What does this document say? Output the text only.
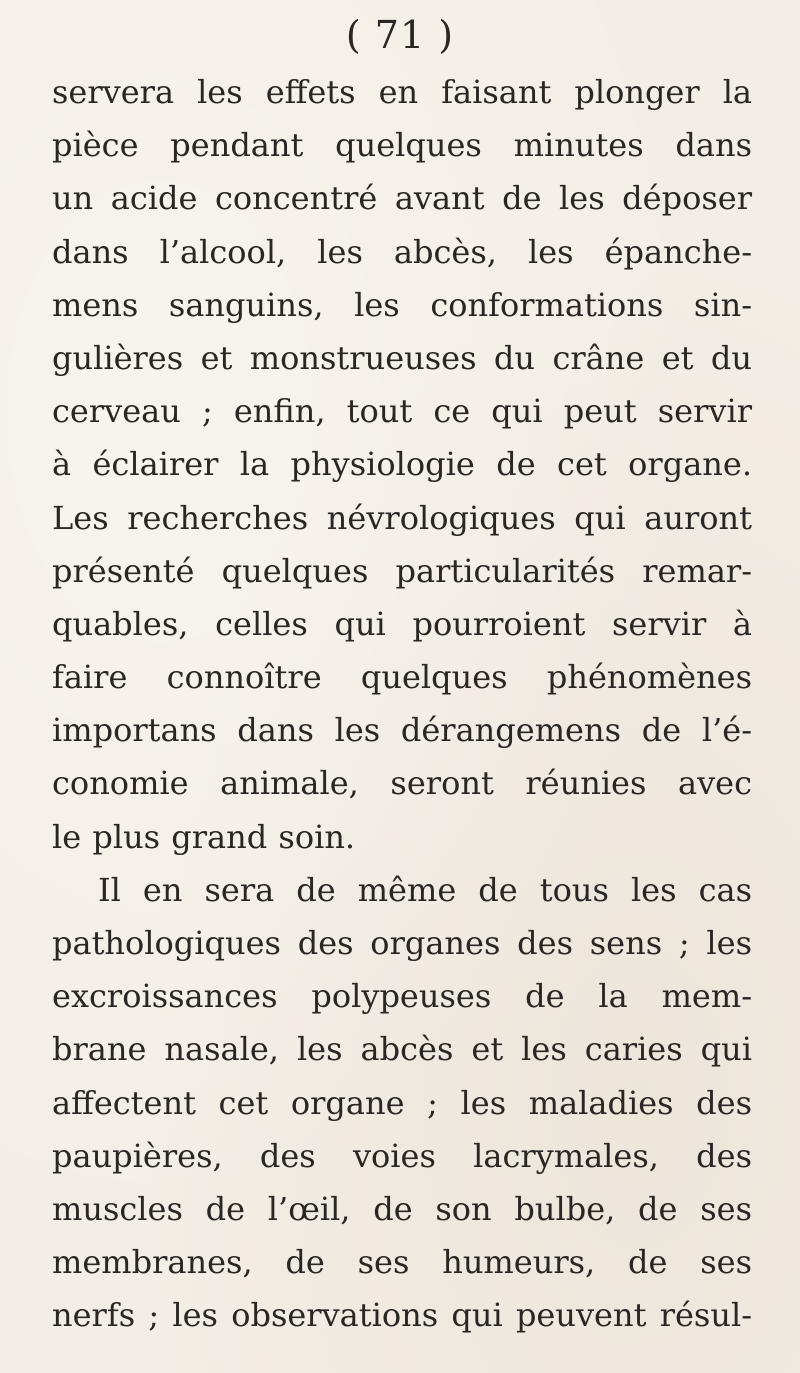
( 71 )
servera les effets en faisant plonger la
pièce pendant quelques minutes dans
un acide concentré avant de les déposer
dans l’alcool, les abcès, les épanche-
mens sanguins, les conformations sin-
gulières et monstrueuses du crâne et du
cerveau ; enfin, tout ce qui peut servir
à éclairer la physiologie de cet organe.
Les recherches névrologiques qui auront
présenté quelques particularités remar-
quables, celles qui pourroient servir à
faire connoître quelques phénomènes
importans dans les dérangemens de l’é-
conomie animale, seront réunies avec
le plus grand soin.
Il en sera de même de tous les cas
pathologiques des organes des sens ; les
excroissances polypeuses de la mem-
brane nasale, les abcès et les caries qui
affectent cet organe ; les maladies des
paupières, des voies lacrymales, des
muscles de l’œil, de son bulbe, de ses
membranes, de ses humeurs, de ses
nerfs ; les observations qui peuvent résul-
